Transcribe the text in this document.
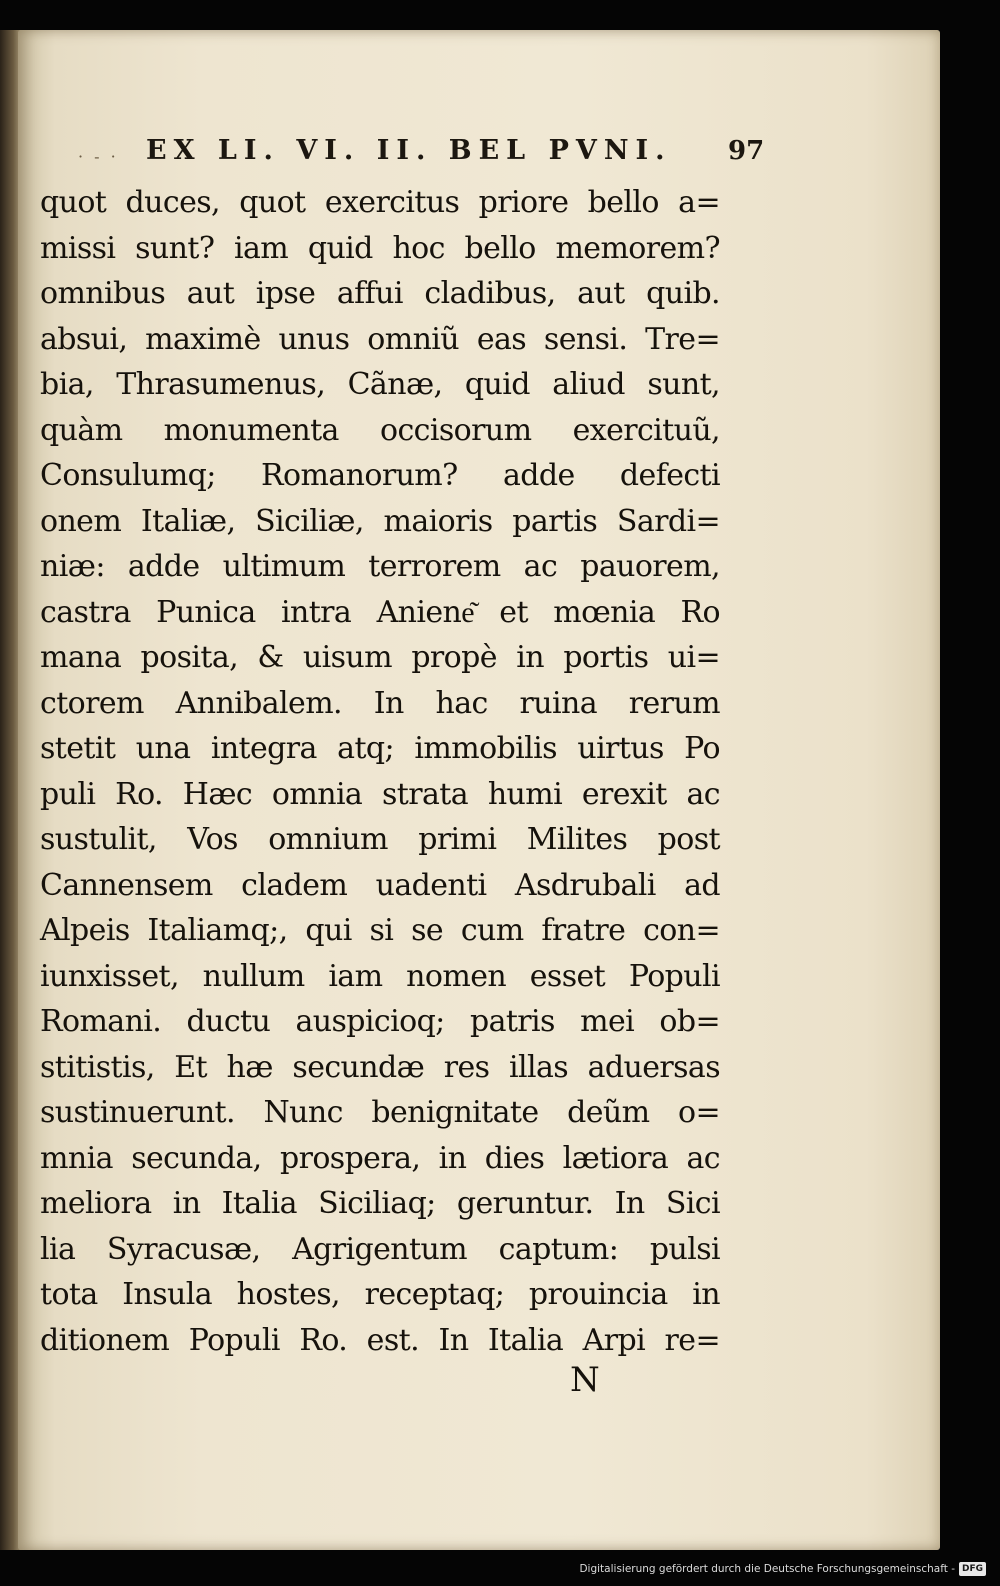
· - · EX LI. VI. II. BEL PVNI. 97
quot duces, quot exercitus priore bello a=
missi sunt? iam quid hoc bello memorem?
omnibus aut ipse affui cladibus, aut quib.
absui, maximè unus omniũ eas sensi. Tre=
bia, Thrasumenus, Cãnæ, quid aliud sunt,
quàm monumenta occisorum exercituũ,
Consulumq; Romanorum? adde defecti
onem Italiæ, Siciliæ, maioris partis Sardi=
niæ: adde ultimum terrorem ac pauorem,
castra Punica intra Aniene͂ et mœnia Ro
mana posita, & uisum propè in portis ui=
ctorem Annibalem. In hac ruina rerum
stetit una integra atq; immobilis uirtus Po
puli Ro. Hæc omnia strata humi erexit ac
sustulit, Vos omnium primi Milites post
Cannensem cladem uadenti Asdrubali ad
Alpeis Italiamq;, qui si se cum fratre con=
iunxisset, nullum iam nomen esset Populi
Romani. ductu auspicioq; patris mei ob=
stitistis, Et hæ secundæ res illas aduersas
sustinuerunt. Nunc benignitate deũm o=
mnia secunda, prospera, in dies lætiora ac
meliora in Italia Siciliaq; geruntur. In Sici
lia Syracusæ, Agrigentum captum: pulsi
tota Insula hostes, receptaq; prouincia in
ditionem Populi Ro. est. In Italia Arpi re=
N
Digitalisierung gefördert durch die Deutsche Forschungsgemeinschaft - DFG
